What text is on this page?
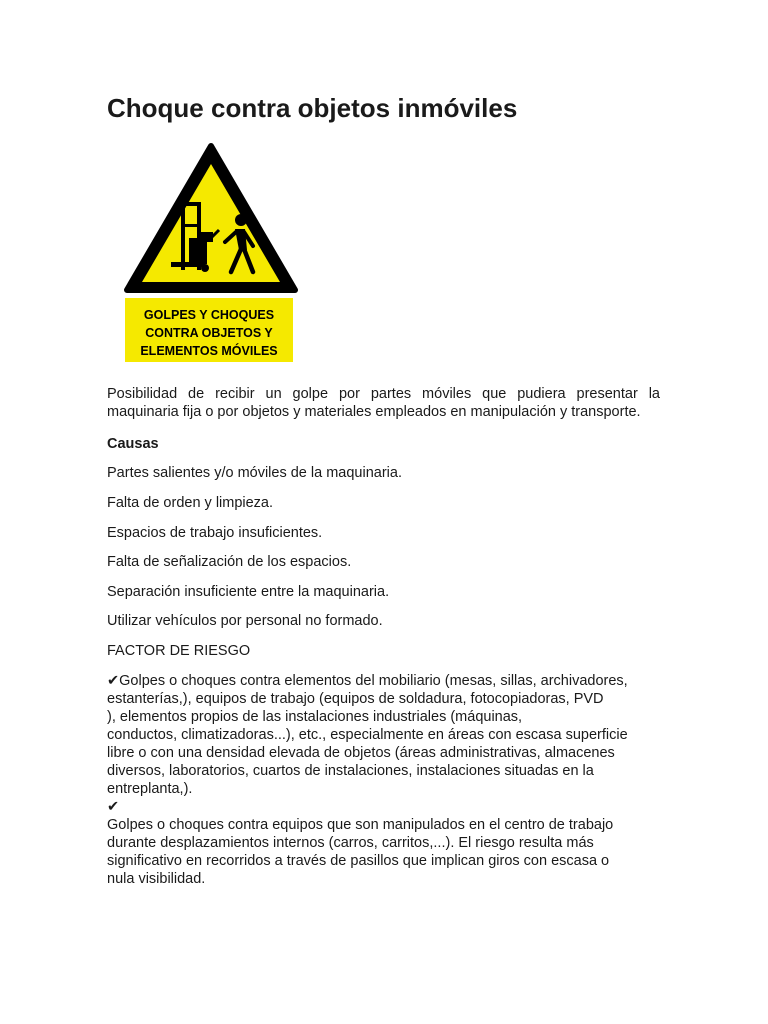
Choque contra objetos inmóviles
GOLPES Y CHOQUES
CONTRA OBJETOS Y
ELEMENTOS MÓVILES

Posibilidad de recibir un golpe por partes móviles que pudiera presentar la
maquinaria fija o por objetos y materiales empleados en manipulación y transporte.

Causas

Partes salientes y/o móviles de la maquinaria.

Falta de orden y limpieza.

Espacios de trabajo insuficientes.

Falta de señalización de los espacios.

Separación insuficiente entre la maquinaria.

Utilizar vehículos por personal no formado.

FACTOR DE RIESGO

✔Golpes o choques contra elementos del mobiliario (mesas, sillas, archivadores,
estanterías,), equipos de trabajo (equipos de soldadura, fotocopiadoras, PVD
), elementos propios de las instalaciones industriales (máquinas,
conductos, climatizadoras...), etc., especialmente en áreas con escasa superficie
libre o con una densidad elevada de objetos (áreas administrativas, almacenes
diversos, laboratorios, cuartos de instalaciones, instalaciones situadas en la
entreplanta,).
✔
Golpes o choques contra equipos que son manipulados en el centro de trabajo
durante desplazamientos internos (carros, carritos,...). El riesgo resulta más
significativo en recorridos a través de pasillos que implican giros con escasa o
nula visibilidad.
